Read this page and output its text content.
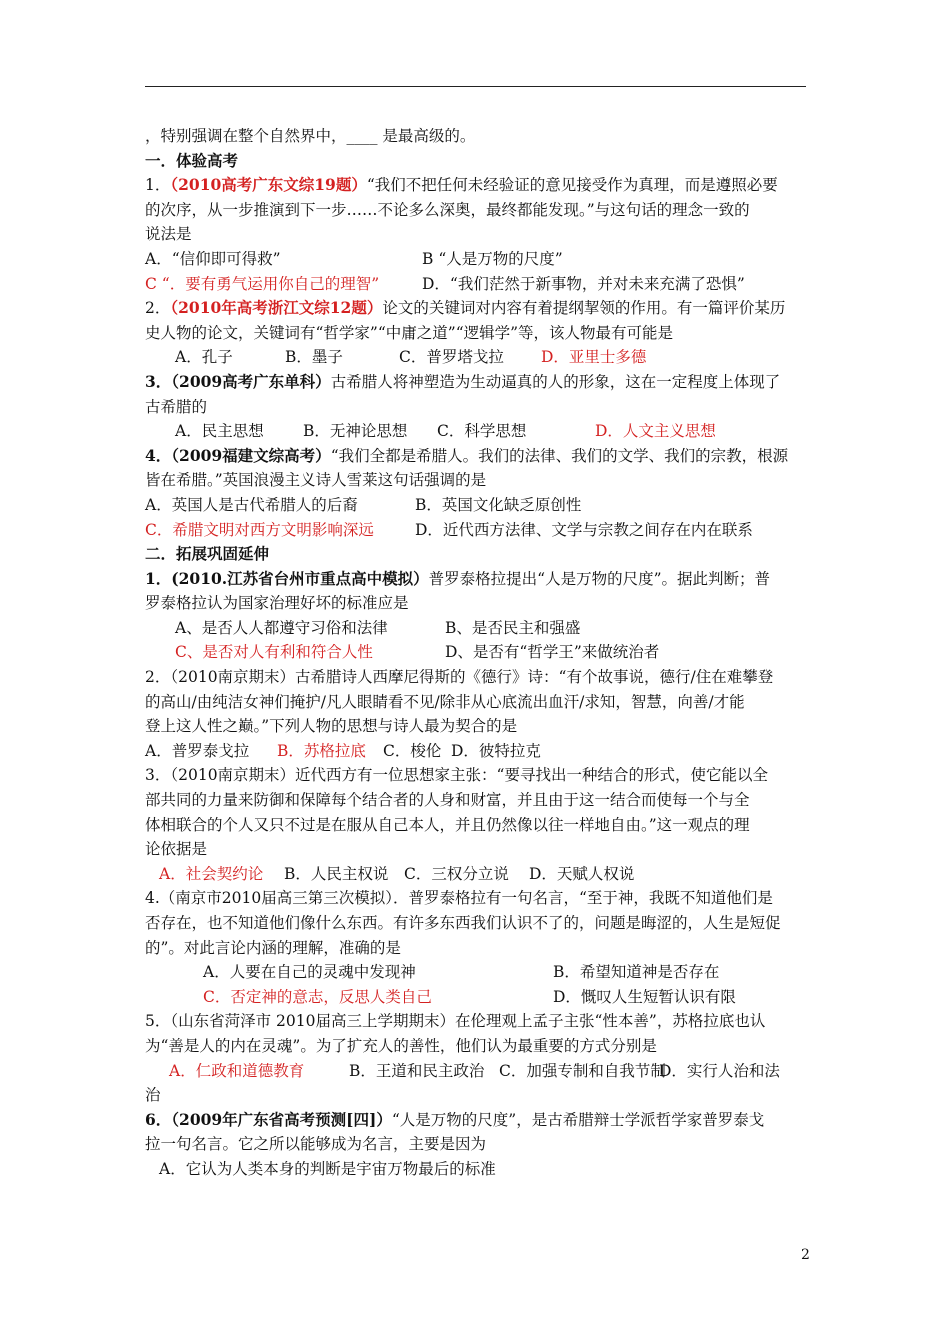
，特别强调在整个自然界中，____ 是最高级的。
一．体验高考
1．（2010高考广东文综19题）“我们不把任何未经验证的意见接受作为真理，而是遵照必要
的次序，从一步推演到下一步……不论多么深奥，最终都能发现。”与这句话的理念一致的
说法是
A．“信仰即可得救”	B “人是万物的尺度”
C “．要有勇气运用你自己的理智”	D．“我们茫然于新事物，并对未来充满了恐惧”
2．（2010年高考浙江文综12题）论文的关键词对内容有着提纲挈领的作用。有一篇评价某历
史人物的论文，关键词有“哲学家”“中庸之道”“逻辑学”等，该人物最有可能是
A．孔子	B．墨子	C．普罗塔戈拉 D．亚里士多德
3．（2009高考广东单科）古希腊人将神塑造为生动逼真的人的形象，这在一定程度上体现了
古希腊的
A．民主思想	B．无神论思想 C．科学思想	D．人文主义思想
4．（2009福建文综高考）“我们全都是希腊人。我们的法律、我们的文学、我们的宗教，根源
皆在希腊。”英国浪漫主义诗人雪莱这句话强调的是
A．英国人是古代希腊人的后裔	B．英国文化缺乏原创性
C．希腊文明对西方文明影响深远	D．近代西方法律、文学与宗教之间存在内在联系
二．拓展巩固延伸
1．(2010.江苏省台州市重点高中模拟）普罗泰格拉提出“人是万物的尺度”。据此判断；普
罗泰格拉认为国家治理好坏的标准应是
A、是否人人都遵守习俗和法律	B、是否民主和强盛
C、是否对人有利和符合人性	D、是否有“哲学王”来做统治者
2．（2010南京期末）古希腊诗人西摩尼得斯的《德行》诗：“有个故事说，德行/住在难攀登
的高山/由纯洁女神们掩护/凡人眼睛看不见/除非从心底流出血汗/求知，智慧，向善/才能
登上这人性之巅。”下列人物的思想与诗人最为契合的是
A．普罗泰戈拉 B．苏格拉底 C．梭伦 D．彼特拉克
3．（2010南京期末）近代西方有一位思想家主张：“要寻找出一种结合的形式，使它能以全
部共同的力量来防御和保障每个结合者的人身和财富，并且由于这一结合而使每一个与全
体相联合的个人又只不过是在服从自己本人，并且仍然像以往一样地自由。”这一观点的理
论依据是
A．社会契约论 B．人民主权说 C．三权分立说 D．天赋人权说
4.（南京市2010届高三第三次模拟）．普罗泰格拉有一句名言，“至于神，我既不知道他们是
否存在，也不知道他们像什么东西。有许多东西我们认识不了的，问题是晦涩的，人生是短促
的”。对此言论内涵的理解，准确的是
A．人要在自己的灵魂中发现神	B．希望知道神是否存在
C．否定神的意志，反思人类自己	D．慨叹人生短暂认识有限
5．（山东省菏泽市 2010届高三上学期期末）在伦理观上孟子主张“性本善”，苏格拉底也认
为“善是人的内在灵魂”。为了扩充人的善性，他们认为最重要的方式分别是
A．仁政和道德教育	B．王道和民主政治 C．加强专制和自我节制D．实行人治和法
治
6．（2009年广东省高考预测[四]）“人是万物的尺度”，是古希腊辩士学派哲学家普罗泰戈
拉一句名言。它之所以能够成为名言，主要是因为
A．它认为人类本身的判断是宇宙万物最后的标准
2
